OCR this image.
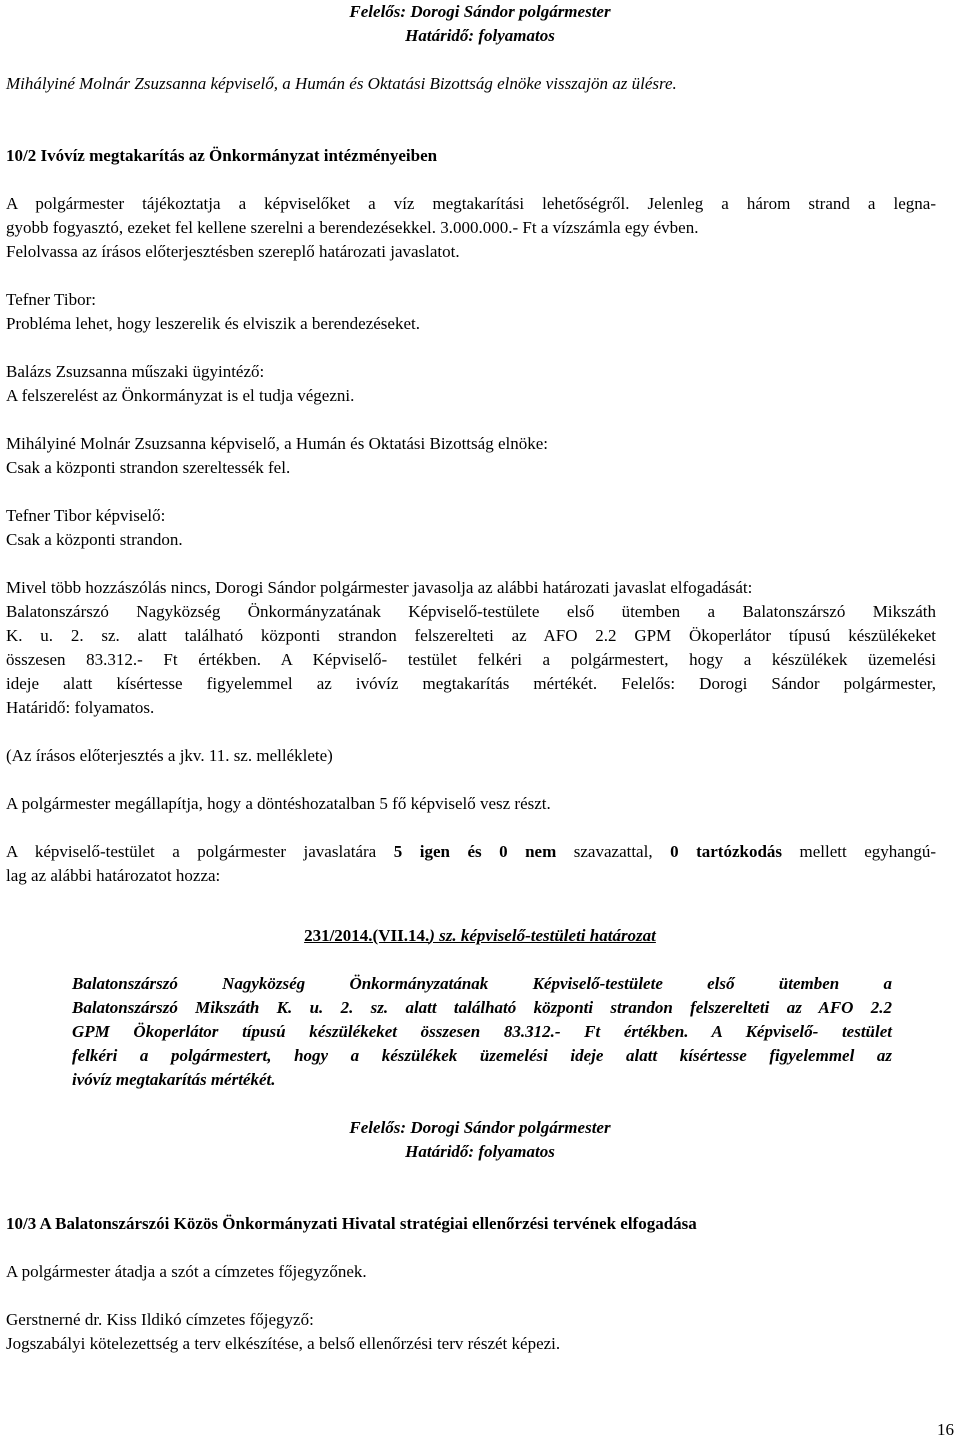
Felelős: Dorogi Sándor polgármester
Határidő: folyamatos
Mihályiné Molnár Zsuzsanna képviselő, a Humán és Oktatási Bizottság elnöke visszajön az ülésre.
10/2 Ivóvíz megtakarítás az Önkormányzat intézményeiben
A polgármester tájékoztatja a képviselőket a víz megtakarítási lehetőségről. Jelenleg a három strand a legna-
gyobb fogyasztó, ezeket fel kellene szerelni a berendezésekkel. 3.000.000.- Ft a vízszámla egy évben.
Felolvassa az írásos előterjesztésben szereplő határozati javaslatot.
Tefner Tibor:
Probléma lehet, hogy leszerelik és elviszik a berendezéseket.
Balázs Zsuzsanna műszaki ügyintéző:
A felszerelést az Önkormányzat is el tudja végezni.
Mihályiné Molnár Zsuzsanna képviselő, a Humán és Oktatási Bizottság elnöke:
Csak a központi strandon szereltessék fel.
Tefner Tibor képviselő:
Csak a központi strandon.
Mivel több hozzászólás nincs, Dorogi Sándor polgármester javasolja az alábbi határozati javaslat elfogadását:
Balatonszárszó Nagyközség Önkormányzatának Képviselő-testülete első ütemben a Balatonszárszó Mikszáth
K. u. 2. sz. alatt található központi strandon felszerelteti az AFO 2.2 GPM Ökoperlátor típusú készülékeket
összesen 83.312.- Ft értékben. A Képviselő- testület felkéri a polgármestert, hogy a készülékek üzemelési
ideje alatt kísértesse figyelemmel az ivóvíz megtakarítás mértékét. Felelős: Dorogi Sándor polgármester,
Határidő: folyamatos.
(Az írásos előterjesztés a jkv. 11. sz. melléklete)
A polgármester megállapítja, hogy a döntéshozatalban 5 fő képviselő vesz részt.
A képviselő-testület a polgármester javaslatára 5 igen és 0 nem szavazattal, 0 tartózkodás mellett egyhangú-
lag az alábbi határozatot hozza:
231/2014.(VII.14.) sz. képviselő-testületi határozat
Balatonszárszó Nagyközség Önkormányzatának Képviselő-testülete első ütemben a
Balatonszárszó Mikszáth K. u. 2. sz. alatt található központi strandon felszerelteti az AFO 2.2
GPM Ökoperlátor típusú készülékeket összesen 83.312.- Ft értékben. A Képviselő- testület
felkéri a polgármestert, hogy a készülékek üzemelési ideje alatt kísértesse figyelemmel az
ivóvíz megtakarítás mértékét.
Felelős: Dorogi Sándor polgármester
Határidő: folyamatos
10/3 A Balatonszárszói Közös Önkormányzati Hivatal stratégiai ellenőrzési tervének elfogadása
A polgármester átadja a szót a címzetes főjegyzőnek.
Gerstnerné dr. Kiss Ildikó címzetes főjegyző:
Jogszabályi kötelezettség a terv elkészítése, a belső ellenőrzési terv részét képezi.
16
